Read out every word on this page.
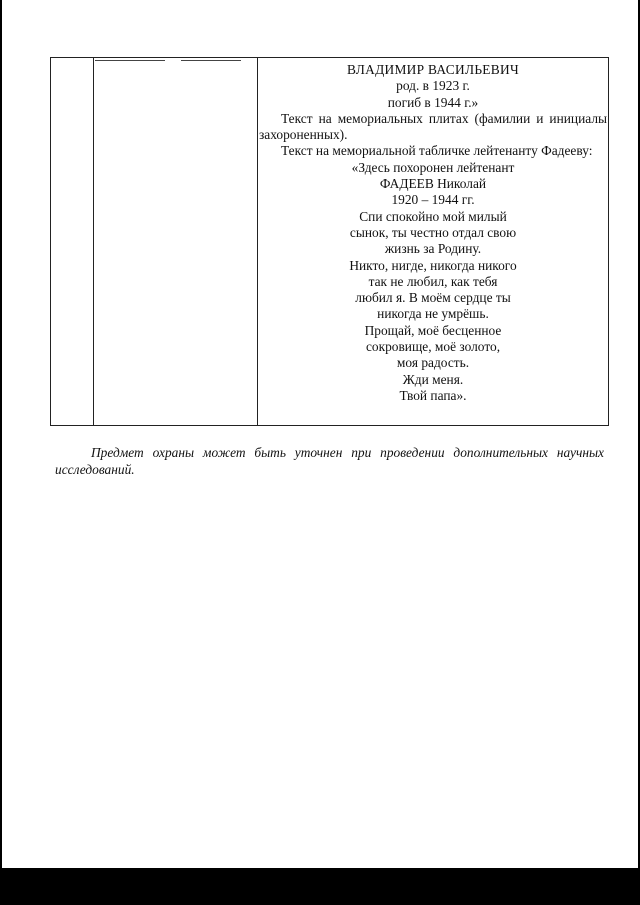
ВЛАДИМИР ВАСИЛЬЕВИЧ
род. в 1923 г.
погиб в 1944 г.»
Текст на мемориальных плитах (фамилии и инициалы захороненных).
Текст на мемориальной табличке лейтенанту Фадееву:
«Здесь похоронен лейтенант
ФАДЕЕВ Николай
1920 – 1944 гг.
Спи спокойно мой милый
сынок, ты честно отдал свою
жизнь за Родину.
Никто, нигде, никогда никого
так не любил, как тебя
любил я. В моём сердце ты
никогда не умрёшь.
Прощай, моё бесценное
сокровище, моё золото,
моя радость.
Жди меня.
Твой папа».
Предмет охраны может быть уточнен при проведении дополнительных научных исследований.
